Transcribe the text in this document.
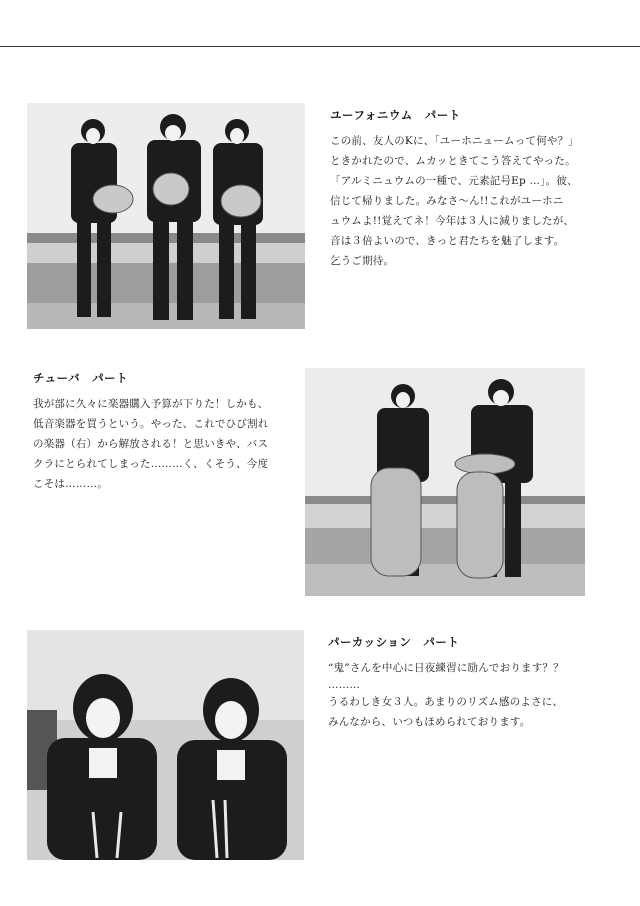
ユーフォニウム　パート
この前、友人のKに、「ユーホニュームって何や？」
ときかれたので、ムカッときてこう答えてやった。
「アルミニュウムの一種で、元素記号Ep …」。彼、
信じて帰りました。みなさ～ん!!これがユーホニ
ュウムよ!!覚えてネ！今年は３人に減りましたが、
音は３倍よいので、きっと君たちを魅了します。
乞うご期待。
チューバ　パート
我が部に久々に楽器購入予算が下りた！しかも、
低音楽器を買うという。やった、これでひび割れ
の楽器（右）から解放される！と思いきや、バス
クラにとられてしまった………く、くそう、今度
こそは………。
パーカッション　パート
“鬼”さんを中心に日夜練習に励んでおります？？
………
うるわしき女３人。あまりのリズム感のよさに、
みんなから、いつもほめられております。
